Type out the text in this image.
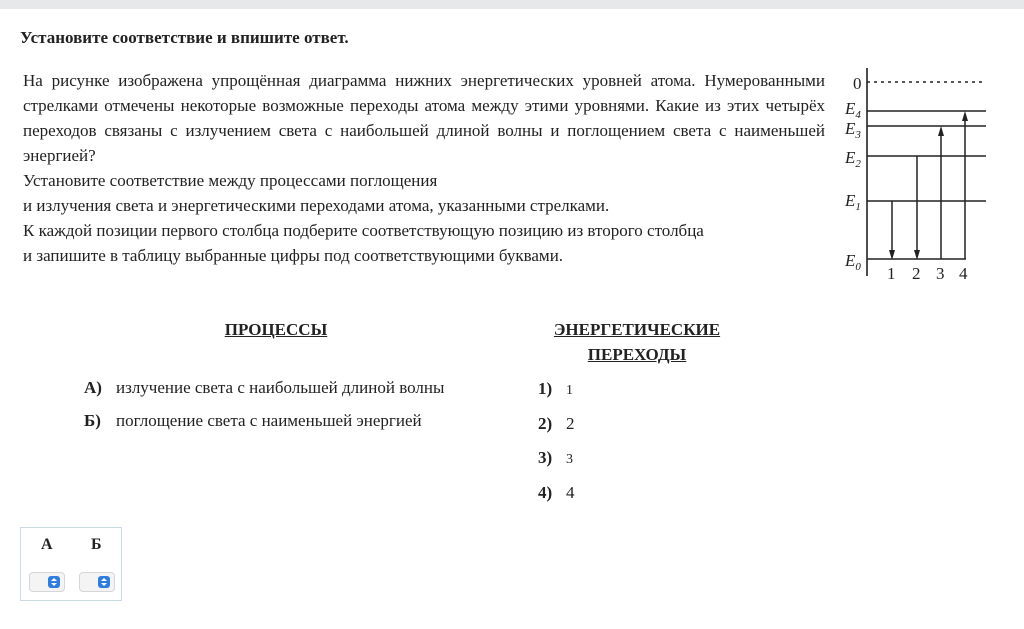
Установите соответствие и впишите ответ.

На рисунке изображена упрощённая диаграмма нижних энергетических уровней атома. Нумерованными стрелками отмечены некоторые возможные переходы атома между этими уровнями. Какие из этих четырёх переходов связаны с излучением света с наибольшей длиной волны и поглощением света с наименьшей энергией?

Установите соответствие между процессами поглощения

и излучения света и энергетическими переходами атома, указанными стрелками.

К каждой позиции первого столбца подберите соответствующую позицию из второго столбца

и запишите в таблицу выбранные цифры под соответствующими буквами.

0
$E_4$
$E_3$
$E_2$
$E_1$
$E_0$ 1 2 3 4
ПРОЦЕССЫ	ЭНЕРГЕТИЧЕСКИЕ
ПЕРЕХОДЫ
А) излучение света с наибольшей длиной волны
Б) поглощение света с наименьшей энергией
1) 1
2) 2
3) 3
4) 4
А Б
